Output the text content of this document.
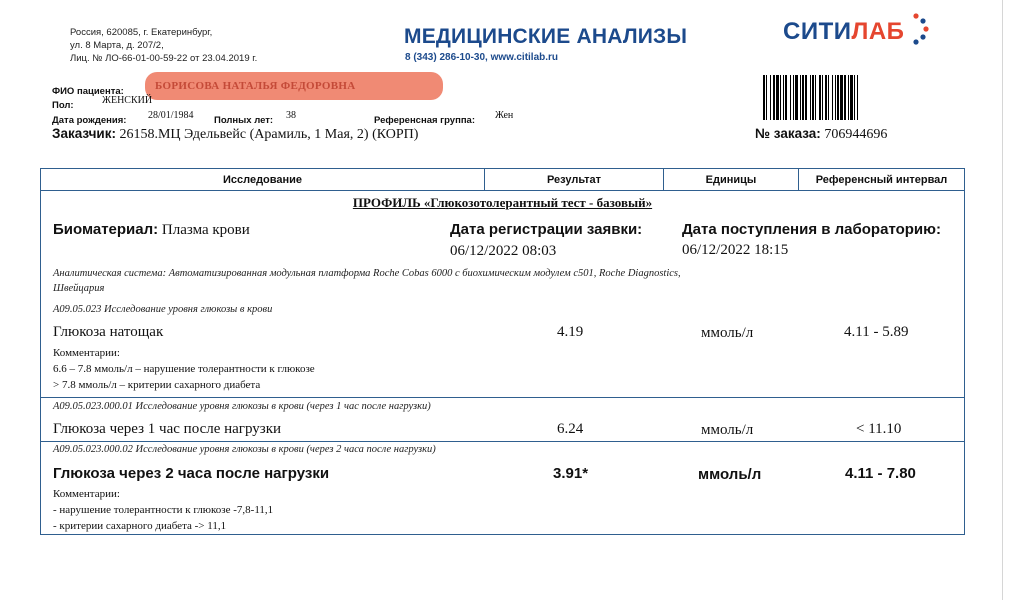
Россия, 620085, г. Екатеринбург,
ул. 8 Марта, д. 207/2,
Лиц. № ЛО-66-01-00-59-22 от 23.04.2019 г.
МЕДИЦИНСКИЕ АНАЛИЗЫ
8 (343) 286-10-30, www.citilab.ru
СИТИЛАБ
ФИО пациента:	БОРИСОВА НАТАЛЬЯ ФЕДОРОВНА
Пол:	ЖЕНСКИЙ
Дата рождения: 28/01/1984 Полных лет: 38	Референсная группа: Жен
Заказчик: 26158.МЦ Эдельвейс (Арамиль, 1 Мая, 2) (КОРП)	№ заказа: 706944696
Исследование	Результат	Единицы	Референсный интервал
ПРОФИЛЬ «Глюкозотолерантный тест - базовый»
Биоматериал: Плазма крови	Дата регистрации заявки:
06/12/2022 08:03
Дата поступления в лабораторию:
06/12/2022 18:15
Аналитическая система: Автоматизированная модульная платформа Roche Cobas 6000 с биохимическим модулем с501, Roche Diagnostics,
Швейцария
A09.05.023 Исследование уровня глюкозы в крови
Глюкоза натощак	4.19	ммоль/л	4.11 - 5.89
Комментарии:
6.6 – 7.8 ммоль/л – нарушение толерантности к глюкозе
> 7.8 ммоль/л – критерии сахарного диабета
A09.05.023.000.01 Исследование уровня глюкозы в крови (через 1 час после нагрузки)
Глюкоза через 1 час после нагрузки	6.24	ммоль/л	< 11.10
A09.05.023.000.02 Исследование уровня глюкозы в крови (через 2 часа после нагрузки)
Глюкоза через 2 часа после нагрузки	3.91*	ммоль/л	4.11 - 7.80
Комментарии:
- нарушение толерантности к глюкозе -7,8-11,1
- критерии сахарного диабета -> 11,1
